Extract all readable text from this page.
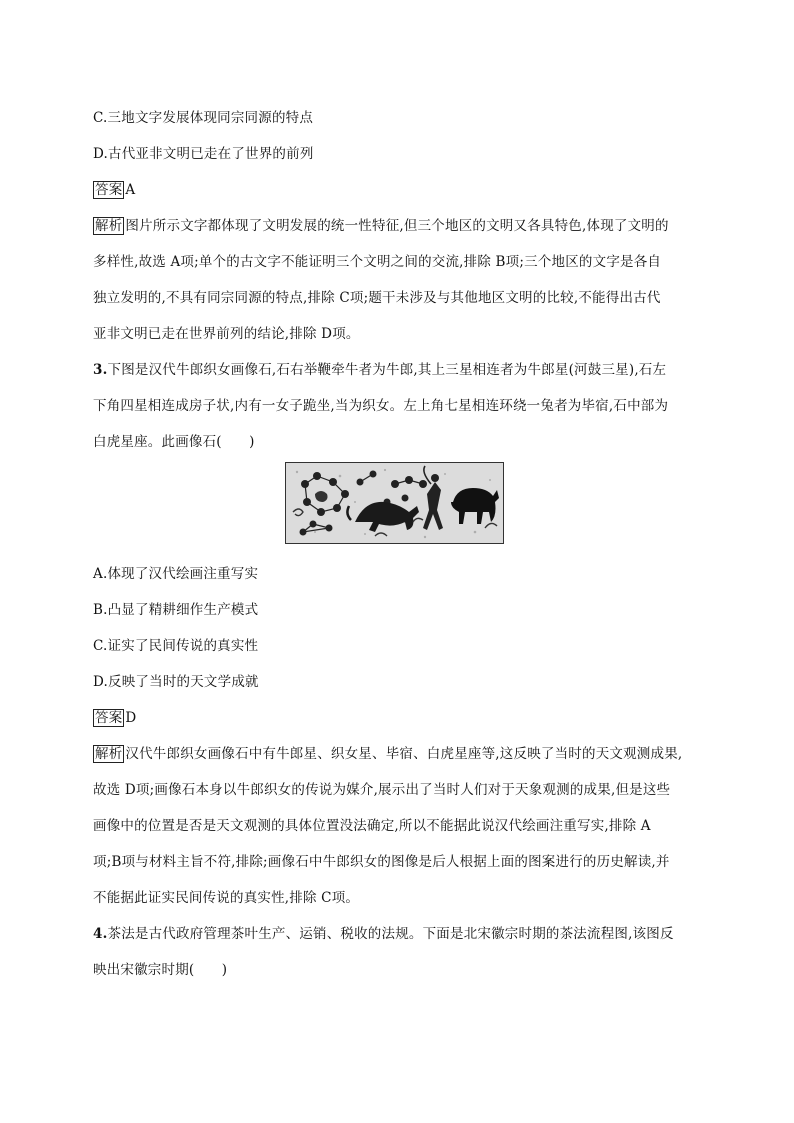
C.三地文字发展体现同宗同源的特点
D.古代亚非文明已走在了世界的前列
答案 A
解析 图片所示文字都体现了文明发展的统一性特征,但三个地区的文明又各具特色,体现了文明的
多样性,故选 A项;单个的古文字不能证明三个文明之间的交流,排除 B项;三个地区的文字是各自
独立发明的,不具有同宗同源的特点,排除 C项;题干未涉及与其他地区文明的比较,不能得出古代
亚非文明已走在世界前列的结论,排除 D项。
3.下图是汉代牛郎织女画像石,石右举鞭牵牛者为牛郎,其上三星相连者为牛郎星(河鼓三星),石左
下角四星相连成房子状,内有一女子跪坐,当为织女。左上角七星相连环绕一兔者为毕宿,石中部为
白虎星座。此画像石(　　)
A.体现了汉代绘画注重写实
B.凸显了精耕细作生产模式
C.证实了民间传说的真实性
D.反映了当时的天文学成就
答案 D
解析 汉代牛郎织女画像石中有牛郎星、织女星、毕宿、白虎星座等,这反映了当时的天文观测成果,
故选 D项;画像石本身以牛郎织女的传说为媒介,展示出了当时人们对于天象观测的成果,但是这些
画像中的位置是否是天文观测的具体位置没法确定,所以不能据此说汉代绘画注重写实,排除 A
项;B项与材料主旨不符,排除;画像石中牛郎织女的图像是后人根据上面的图案进行的历史解读,并
不能据此证实民间传说的真实性,排除 C项。
4.茶法是古代政府管理茶叶生产、运销、税收的法规。下面是北宋徽宗时期的茶法流程图,该图反
映出宋徽宗时期(　　)
